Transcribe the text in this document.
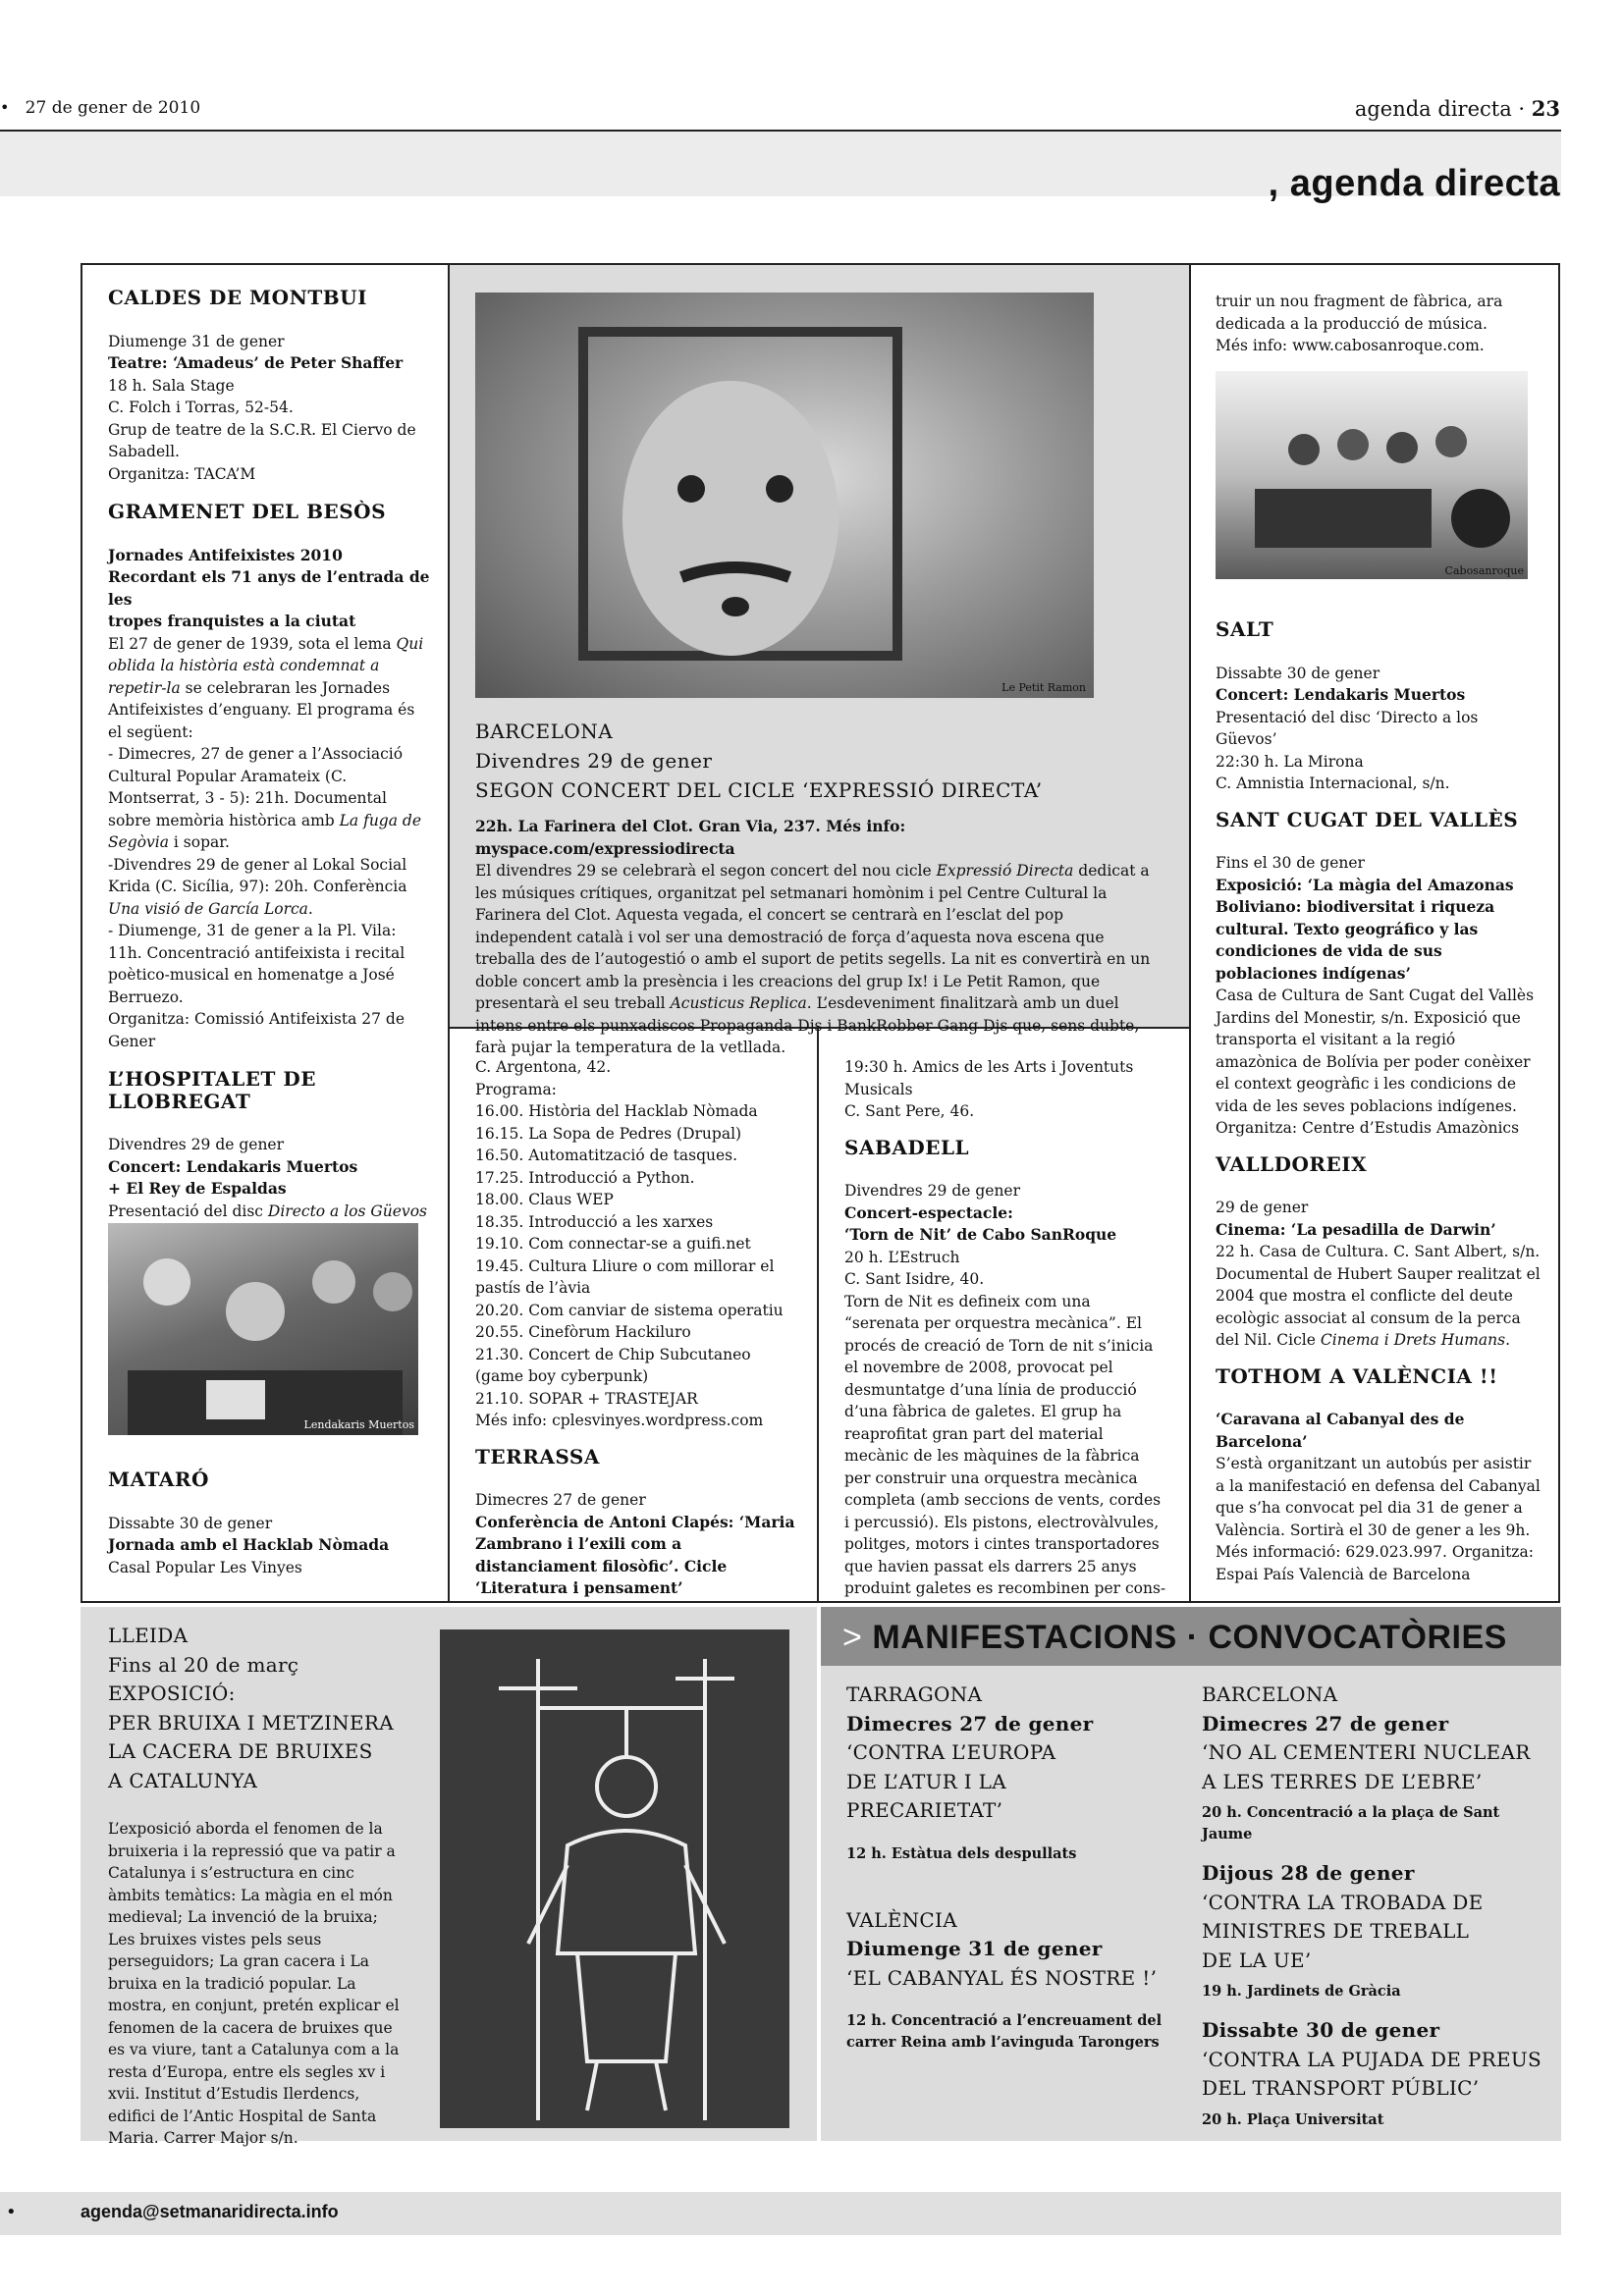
• 27 de gener de 2010	agenda directa · 23
, agenda directa

CALDES DE MONTBUI

Diumenge 31 de gener

Teatre: ‘Amadeus’ de Peter Shaffer

18 h. Sala Stage

C. Folch i Torras, 52-54.

Grup de teatre de la S.C.R. El Ciervo de

Sabadell.

Organitza: TACA’M

GRAMENET DEL BESÒS

Jornades Antifeixistes 2010

Recordant els 71 anys de l’entrada de les

tropes franquistes a la ciutat

El 27 de gener de 1939, sota el lema Qui oblida la història està condemnat a repetir-la se celebraran les Jornades Antifeixistes d’enguany. El programa és el següent:

- Dimecres, 27 de gener a l’Associació Cultural Popular Aramateix (C. Montserrat, 3 - 5): 21h. Documental sobre memòria històrica amb La fuga de Segòvia i sopar.

-Divendres 29 de gener al Lokal Social Krida (C. Sicília, 97): 20h. Conferència Una visió de García Lorca.

- Diumenge, 31 de gener a la Pl. Vila: 11h. Concentració antifeixista i recital poètico-musical en homenatge a José Berruezo.

Organitza: Comissió Antifeixista 27 de Gener

L’HOSPITALET DE LLOBREGAT

Divendres 29 de gener

Concert: Lendakaris Muertos

+ El Rey de Espaldas

Presentació del disc Directo a los Güevos

Lendakaris Muertos

MATARÓ

Dissabte 30 de gener

Jornada amb el Hacklab Nòmada

Casal Popular Les Vinyes

Le Petit Ramon
BARCELONA
Divendres 29 de gener
SEGON CONCERT DEL CICLE ‘EXPRESSIÓ DIRECTA’

22h. La Farinera del Clot. Gran Via, 237. Més info: myspace.com/expressiodirecta

El divendres 29 se celebrarà el segon concert del nou cicle Expressió Directa dedicat a les músiques crítiques, organitzat pel setmanari homònim i pel Centre Cultural la Farinera del Clot. Aquesta vegada, el concert se centrarà en l’esclat del pop independent català i vol ser una demostració de força d’aquesta nova escena que treballa des de l’autogestió o amb el suport de petits segells. La nit es convertirà en un doble concert amb la presència i les creacions del grup Ix! i Le Petit Ramon, que presentarà el seu treball Acusticus Replica. L’esdeveniment finalitzarà amb un duel intens entre els punxadiscos Propaganda Djs i BankRobber Gang Djs que, sens dubte, farà pujar la temperatura de la vetllada.

C. Argentona, 42.

Programa:

16.00. Història del Hacklab Nòmada

16.15. La Sopa de Pedres (Drupal)

16.50. Automatització de tasques.

17.25. Introducció a Python.

18.00. Claus WEP

18.35. Introducció a les xarxes

19.10. Com connectar-se a guifi.net

19.45. Cultura Lliure o com millorar el pastís de l’àvia

20.20. Com canviar de sistema operatiu

20.55. Cinefòrum Hackiluro

21.30. Concert de Chip Subcutaneo (game boy cyberpunk)

21.10. SOPAR + TRASTEJAR

Més info: cplesvinyes.wordpress.com

TERRASSA

Dimecres 27 de gener

Conferència de Antoni Clapés: ‘Maria Zambrano i l’exili com a distanciament filosòfic’. Cicle ‘Literatura i pensament’

19:30 h. Amics de les Arts i Joventuts Musicals

C. Sant Pere, 46.

SABADELL

Divendres 29 de gener

Concert-espectacle:

‘Torn de Nit’ de Cabo SanRoque

20 h. L’Estruch

C. Sant Isidre, 40.

Torn de Nit es defineix com una “serenata per orquestra mecànica”. El procés de creació de Torn de nit s’inicia el novembre de 2008, provocat pel desmuntatge d’una línia de producció d’una fàbrica de galetes. El grup ha reaprofitat gran part del material mecànic de les màquines de la fàbrica per construir una orquestra mecànica completa (amb seccions de vents, cordes i percussió). Els pistons, electrovàlvules, politges, motors i cintes transportadores que havien passat els darrers 25 anys produint galetes es recombinen per cons-

truir un nou fragment de fàbrica, ara dedicada a la producció de música.

Més info: www.cabosanroque.com.

Cabosanroque

SALT

Dissabte 30 de gener

Concert: Lendakaris Muertos

Presentació del disc ‘Directo a los Güevos’

22:30 h. La Mirona

C. Amnistia Internacional, s/n.

SANT CUGAT DEL VALLÈS

Fins el 30 de gener

Exposició: ‘La màgia del Amazonas Boliviano: biodiversitat i riqueza cultural. Texto geográfico y las condiciones de vida de sus poblaciones indígenas’

Casa de Cultura de Sant Cugat del Vallès Jardins del Monestir, s/n. Exposició que transporta el visitant a la regió amazònica de Bolívia per poder conèixer el context geogràfic i les condicions de vida de les seves poblacions indígenes.

Organitza: Centre d’Estudis Amazònics

VALLDOREIX

29 de gener

Cinema: ‘La pesadilla de Darwin’

22 h. Casa de Cultura. C. Sant Albert, s/n. Documental de Hubert Sauper realitzat el 2004 que mostra el conflicte del deute ecològic associat al consum de la perca del Nil. Cicle Cinema i Drets Humans.

TOTHOM A VALÈNCIA !!

‘Caravana al Cabanyal des de Barcelona’

S’està organitzant un autobús per asistir a la manifestació en defensa del Cabanyal que s’ha convocat pel dia 31 de gener a València. Sortirà el 30 de gener a les 9h. Més informació: 629.023.997. Organitza: Espai País Valencià de Barcelona

LLEIDA
Fins al 20 de març
EXPOSICIÓ:
PER BRUIXA I METZINERA
LA CACERA DE BRUIXES
A CATALUNYA

L’exposició aborda el fenomen de la bruixeria i la repressió que va patir a Catalunya i s’estructura en cinc àmbits temàtics: La màgia en el món medieval; La invenció de la bruixa; Les bruixes vistes pels seus perseguidors; La gran cacera i La bruixa en la tradició popular. La mostra, en conjunt, pretén explicar el fenomen de la cacera de bruixes que es va viure, tant a Catalunya com a la resta d’Europa, entre els segles xv i xvii. Institut d’Estudis Ilerdencs, edifici de l’Antic Hospital de Santa Maria. Carrer Major s/n.

> MANIFESTACIONS · CONVOCATÒRIES
TARRAGONA
Dimecres 27 de gener
‘CONTRA L’EUROPA
DE L’ATUR I LA
PRECARIETAT’
12 h. Estàtua dels despullats
VALÈNCIA
Diumenge 31 de gener
‘EL CABANYAL ÉS NOSTRE !’
12 h. Concentració a l’encreuament del carrer Reina amb l’avinguda Tarongers
BARCELONA
Dimecres 27 de gener
‘NO AL CEMENTERI NUCLEAR
A LES TERRES DE L’EBRE’
20 h. Concentració a la plaça de Sant Jaume
Dijous 28 de gener
‘CONTRA LA TROBADA DE
MINISTRES DE TREBALL
DE LA UE’
19 h. Jardinets de Gràcia
Dissabte 30 de gener
‘CONTRA LA PUJADA DE PREUS
DEL TRANSPORT PÚBLIC’
20 h. Plaça Universitat
•	agenda@setmanaridirecta.info
